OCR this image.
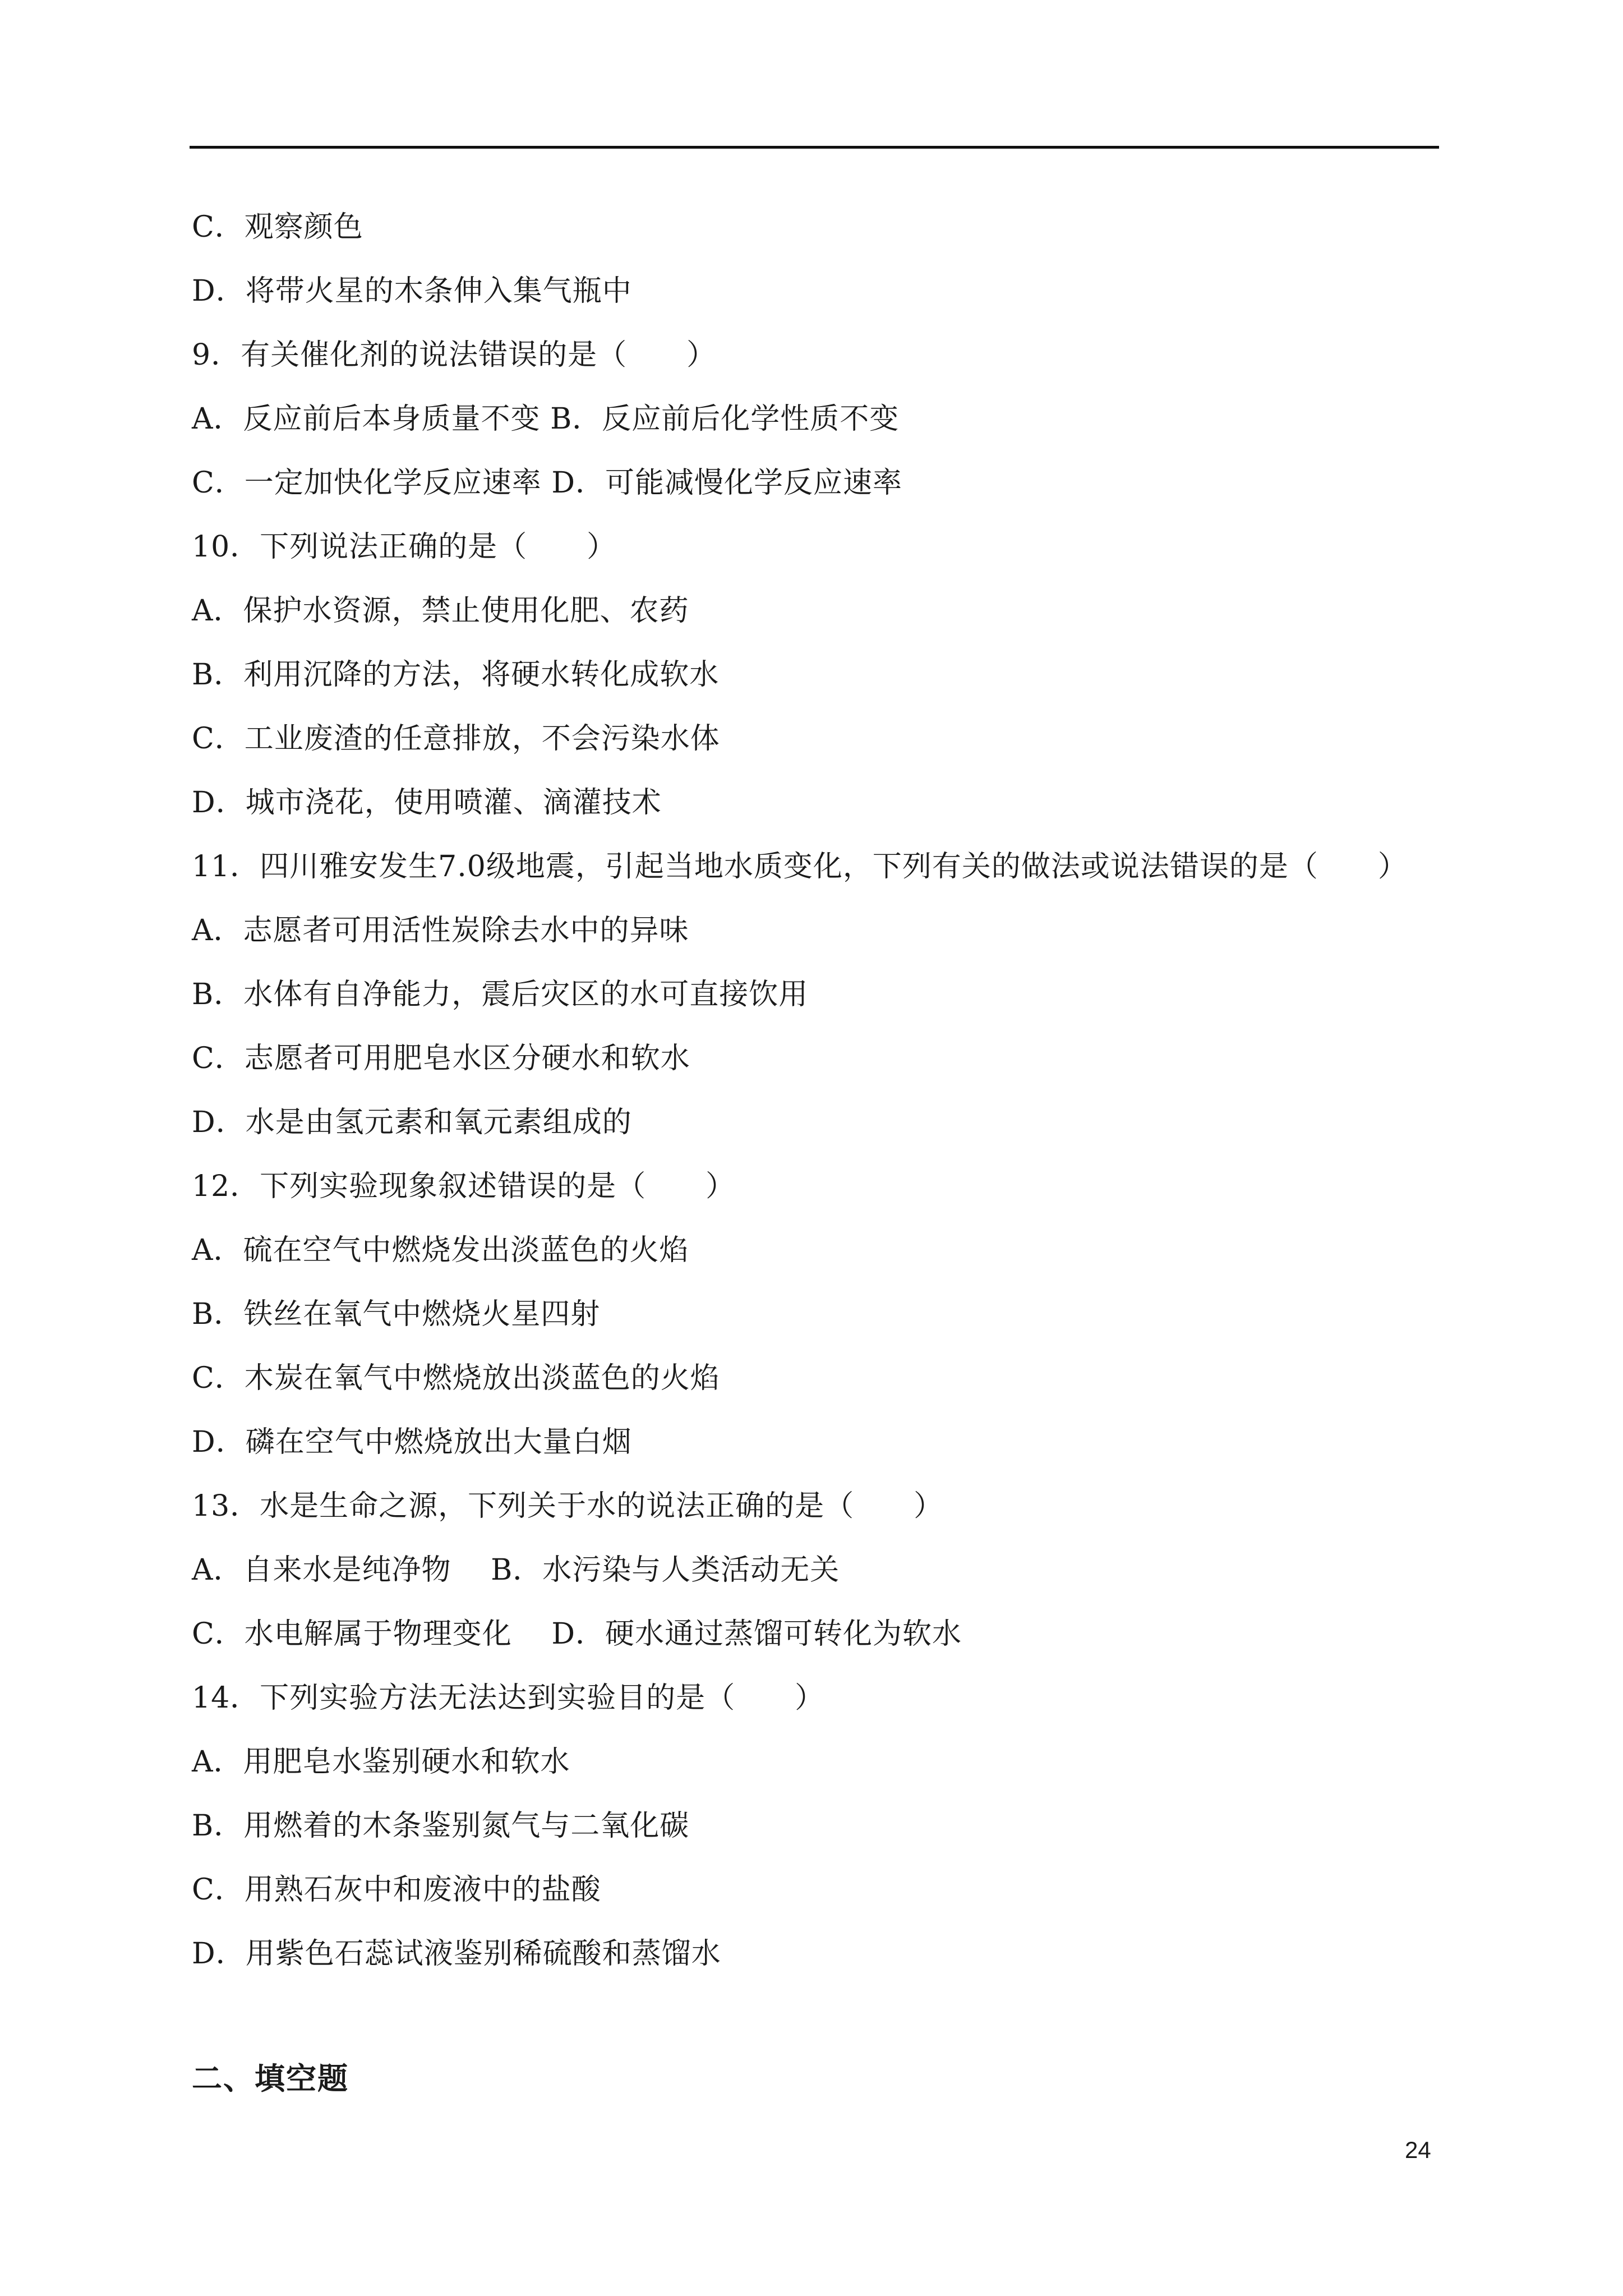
C．观察颜色
D．将带火星的木条伸入集气瓶中
9．有关催化剂的说法错误的是（　　）
A．反应前后本身质量不变 B．反应前后化学性质不变
C．一定加快化学反应速率 D．可能减慢化学反应速率
10．下列说法正确的是（　　）
A．保护水资源，禁止使用化肥、农药
B．利用沉降的方法，将硬水转化成软水
C．工业废渣的任意排放，不会污染水体
D．城市浇花，使用喷灌、滴灌技术
11．四川雅安发生7.0级地震，引起当地水质变化，下列有关的做法或说法错误的是（　　）
A．志愿者可用活性炭除去水中的异味
B．水体有自净能力，震后灾区的水可直接饮用
C．志愿者可用肥皂水区分硬水和软水
D．水是由氢元素和氧元素组成的
12．下列实验现象叙述错误的是（　　）
A．硫在空气中燃烧发出淡蓝色的火焰
B．铁丝在氧气中燃烧火星四射
C．木炭在氧气中燃烧放出淡蓝色的火焰
D．磷在空气中燃烧放出大量白烟
13．水是生命之源，下列关于水的说法正确的是（　　）
A．自来水是纯净物　 B．水污染与人类活动无关
C．水电解属于物理变化　 D．硬水通过蒸馏可转化为软水
14．下列实验方法无法达到实验目的是（　　）
A．用肥皂水鉴别硬水和软水
B．用燃着的木条鉴别氮气与二氧化碳
C．用熟石灰中和废液中的盐酸
D．用紫色石蕊试液鉴别稀硫酸和蒸馏水
二、填空题
24
